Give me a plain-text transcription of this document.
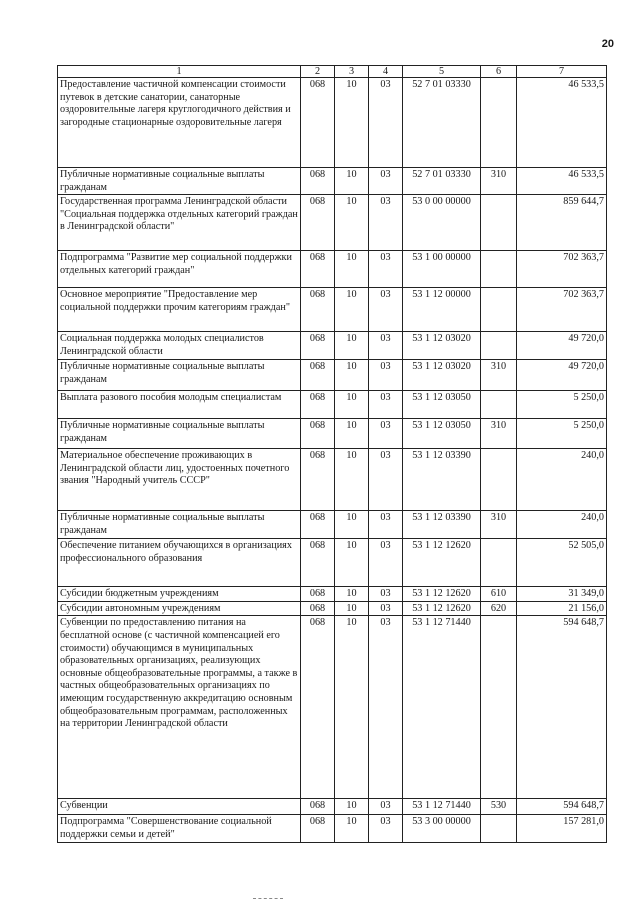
20
1	2	3	4	5	6	7
Предоставление частичной компенсации стоимости путевок в детские санатории, санаторные оздоровительные лагеря круглогодичного действия и загородные стационарные оздоровительные лагеря	068	10	03	52 7 01 03330		46 533,5
Публичные нормативные социальные выплаты гражданам	068	10	03	52 7 01 03330	310	46 533,5
Государственная программа Ленинградской области "Социальная поддержка отдельных категорий граждан в Ленинградской области"	068	10	03	53 0 00 00000		859 644,7
Подпрограмма "Развитие мер социальной поддержки отдельных категорий граждан"	068	10	03	53 1 00 00000		702 363,7
Основное мероприятие "Предоставление мер социальной поддержки прочим категориям граждан"	068	10	03	53 1 12 00000		702 363,7
Социальная поддержка молодых специалистов Ленинградской области	068	10	03	53 1 12 03020		49 720,0
Публичные нормативные социальные выплаты гражданам	068	10	03	53 1 12 03020	310	49 720,0
Выплата разового пособия молодым специалистам	068	10	03	53 1 12 03050		5 250,0
Публичные нормативные социальные выплаты гражданам	068	10	03	53 1 12 03050	310	5 250,0
Материальное обеспечение проживающих в Ленинградской области лиц, удостоенных почетного звания "Народный учитель СССР"	068	10	03	53 1 12 03390		240,0
Публичные нормативные социальные выплаты гражданам	068	10	03	53 1 12 03390	310	240,0
Обеспечение питанием обучающихся в организациях профессионального образования	068	10	03	53 1 12 12620		52 505,0
Субсидии бюджетным учреждениям	068	10	03	53 1 12 12620	610	31 349,0
Субсидии автономным учреждениям	068	10	03	53 1 12 12620	620	21 156,0
Субвенции по предоставлению питания на бесплатной основе (с частичной компенсацией его стоимости) обучающимся в муниципальных образовательных организациях, реализующих основные общеобразовательные программы, а также в частных общеобразовательных организациях по имеющим государственную аккредитацию основным общеобразовательным программам, расположенных на территории Ленинградской области	068	10	03	53 1 12 71440		594 648,7
Субвенции	068	10	03	53 1 12 71440	530	594 648,7
Подпрограмма "Совершенствование социальной поддержки семьи и детей"	068	10	03	53 3 00 00000		157 281,0
